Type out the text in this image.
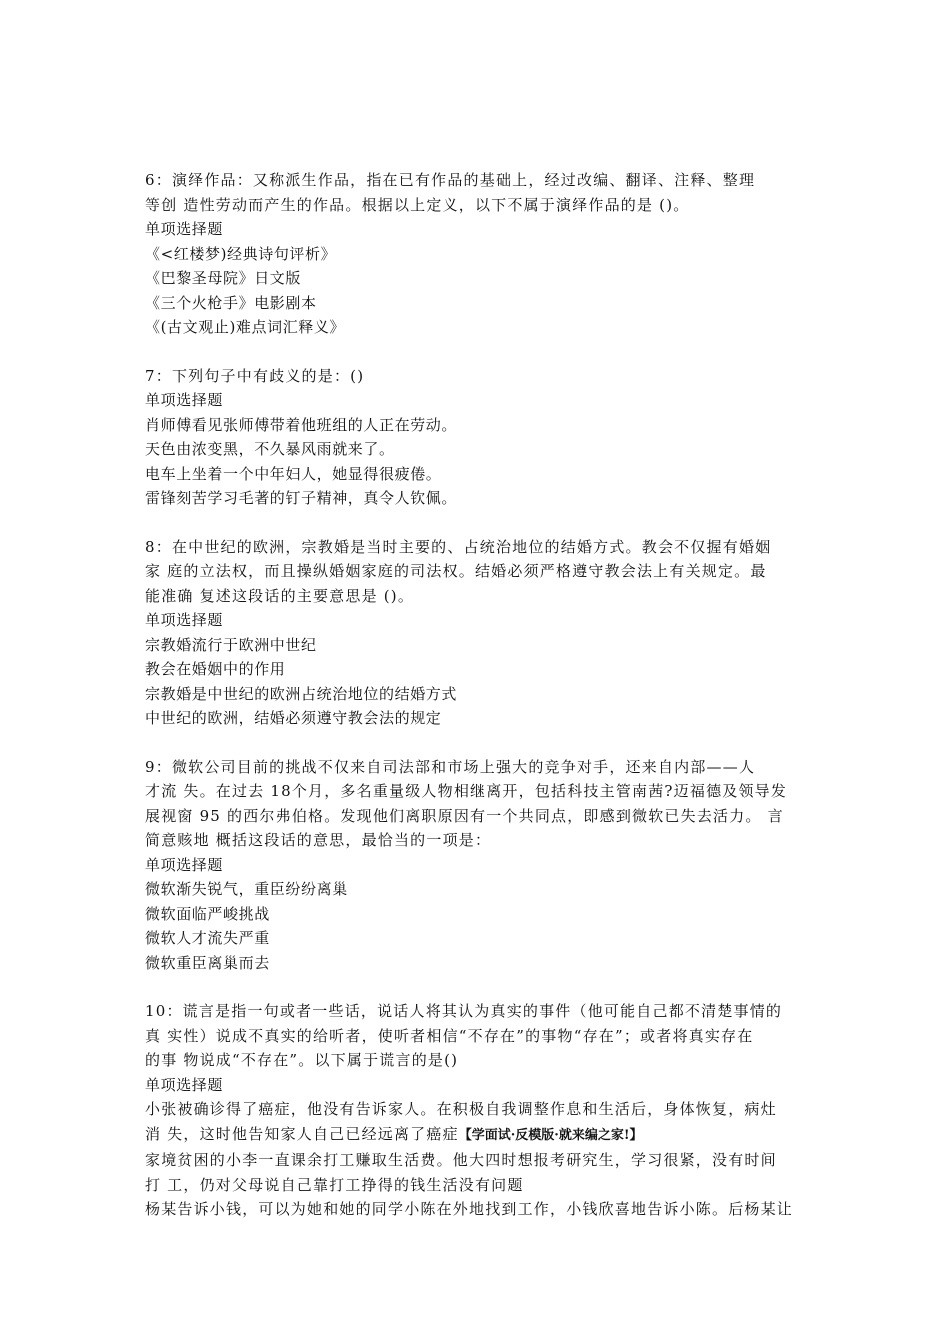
6：演绎作品：又称派生作品，指在已有作品的基础上，经过改编、翻译、注释、整理
等创 造性劳动而产生的作品。根据以上定义，以下不属于演绎作品的是 ()。
单项选择题
《<红楼梦)经典诗句评析》
《巴黎圣母院》日文版
《三个火枪手》电影剧本
《(古文观止)难点词汇释义》
7：下列句子中有歧义的是：()
单项选择题
肖师傅看见张师傅带着他班组的人正在劳动。
天色由浓变黑，不久暴风雨就来了。
电车上坐着一个中年妇人，她显得很疲倦。
雷锋刻苦学习毛著的钉子精神，真令人钦佩。
8：在中世纪的欧洲，宗教婚是当时主要的、占统治地位的结婚方式。教会不仅握有婚姻
家 庭的立法权，而且操纵婚姻家庭的司法权。结婚必须严格遵守教会法上有关规定。最
能准确 复述这段话的主要意思是 ()。
单项选择题
宗教婚流行于欧洲中世纪
教会在婚姻中的作用
宗教婚是中世纪的欧洲占统治地位的结婚方式
中世纪的欧洲，结婚必须遵守教会法的规定
9：微软公司目前的挑战不仅来自司法部和市场上强大的竞争对手，还来自内部——人
才流 失。在过去 18个月，多名重量级人物相继离开，包括科技主管南茜?迈福德及领导发
展视窗 95 的西尔弗伯格。发现他们离职原因有一个共同点，即感到微软已失去活力。 言
简意赅地 概括这段话的意思，最恰当的一项是：
单项选择题
微软渐失锐气，重臣纷纷离巢
微软面临严峻挑战
微软人才流失严重
微软重臣离巢而去
10：谎言是指一句或者一些话，说话人将其认为真实的事件（他可能自己都不清楚事情的
真 实性）说成不真实的给听者，使听者相信“不存在”的事物“存在”；或者将真实存在
的事 物说成“不存在”。以下属于谎言的是()
单项选择题
小张被确诊得了癌症，他没有告诉家人。在积极自我调整作息和生活后，身体恢复，病灶
消 失，这时他告知家人自己已经远离了癌症【学面试·反模版·就来编之家!】
家境贫困的小李一直课余打工赚取生活费。他大四时想报考研究生，学习很紧，没有时间
打 工，仍对父母说自己靠打工挣得的钱生活没有问题
杨某告诉小钱，可以为她和她的同学小陈在外地找到工作，小钱欣喜地告诉小陈。后杨某让
